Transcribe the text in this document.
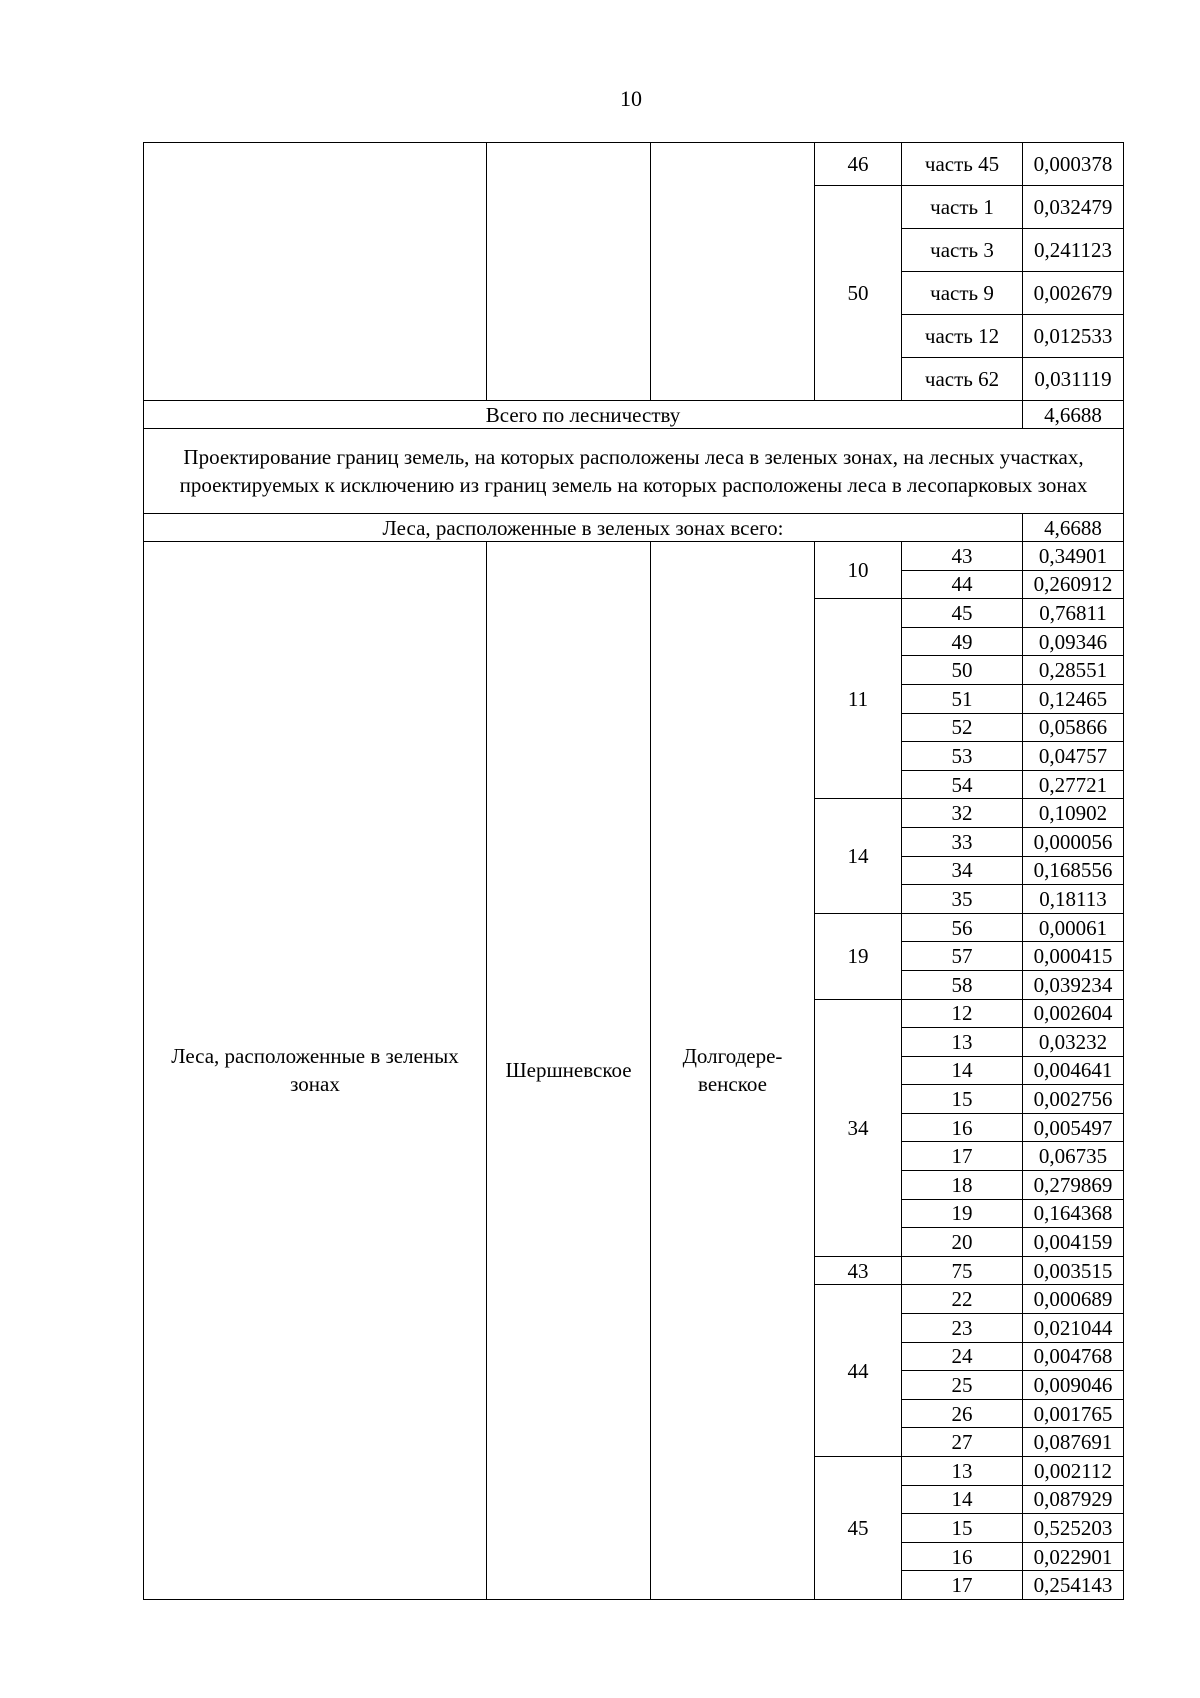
10
			46	часть 45	0,000378
			50	часть 1	0,032479
				часть 3	0,241123
				часть 9	0,002679
				часть 12	0,012533
				часть 62	0,031119
Всего по лесничеству					4,6688

Проектирование границ земель, на которых расположены леса в зеленых зонах, на лесных участках, проектируемых к исключению из границ земель на которых расположены леса в лесопарковых зонах					

Леса, расположенные в зеленых зонах всего:					4,6688

Леса, расположенные в зеленых зонах	Шершневское	Долгодере-венское	10	43	0,34901
				44	0,260912
			11	45	0,76811
				49	0,09346
				50	0,28551
				51	0,12465
				52	0,05866
				53	0,04757
				54	0,27721
			14	32	0,10902
				33	0,000056
				34	0,168556
				35	0,18113
			19	56	0,00061
				57	0,000415
				58	0,039234
			34	12	0,002604
				13	0,03232
				14	0,004641
				15	0,002756
				16	0,005497
				17	0,06735
				18	0,279869
				19	0,164368
				20	0,004159
			43	75	0,003515
			44	22	0,000689
				23	0,021044
				24	0,004768
				25	0,009046
				26	0,001765
				27	0,087691
			45	13	0,002112
				14	0,087929
				15	0,525203
				16	0,022901
				17	0,254143
